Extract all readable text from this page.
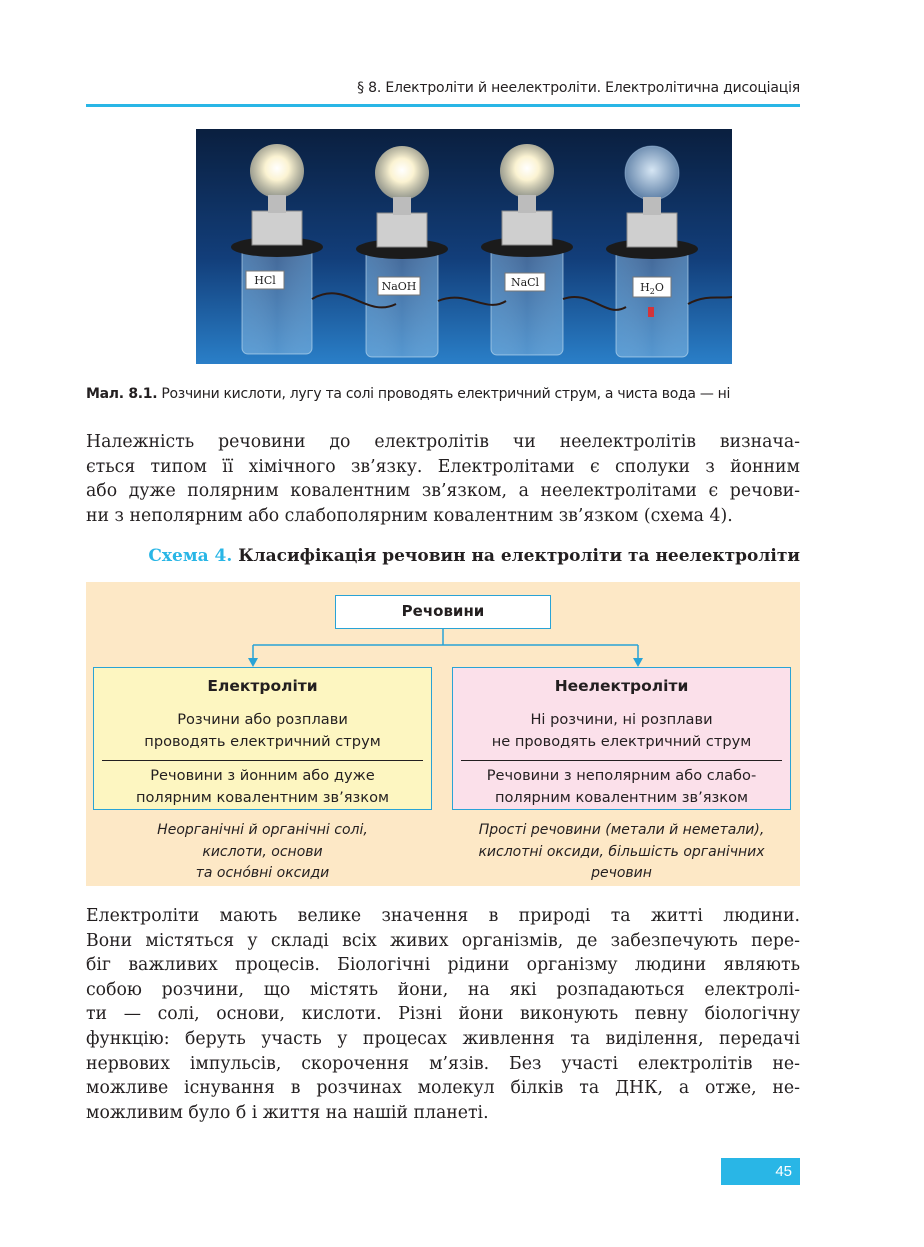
§ 8. Електроліти й неелектроліти. Електролітична дисоціація
HCl	NaOH	NaCl	$H_2O$
Мал. 8.1. Розчини кислоти, лугу та солі проводять електричний струм, а чиста вода — ні
Належність речовини до електролітів чи неелектролітів визнача-
ється типом її хімічного зв’язку. Електролітами є сполуки з йонним
або дуже полярним ковалентним зв’язком, а неелектролітами є речови-
ни з неполярним або слабополярним ковалентним зв’язком (схема 4).
Схема 4. Класифікація речовин на електроліти та неелектроліти
Речовини
Електроліти
Розчини або розплави
проводять електричний струм
Речовини з йонним або дуже
полярним ковалентним зв’язком
Неелектроліти
Ні розчини, ні розплави
не проводять електричний струм
Речовини з неполярним або слабо-
полярним ковалентним зв’язком
Неорганічні й органічні солі,
кислоти, основи
та осно́вні оксиди
Прості речовини (метали й неметали),
кислотні оксиди, більшість органічних
речовин
Електроліти мають велике значення в природі та житті людини.
Вони містяться у складі всіх живих організмів, де забезпечують пере-
біг важливих процесів. Біологічні рідини організму людини являють
собою розчини, що містять йони, на які розпадаються електролі-
ти — солі, основи, кислоти. Різні йони виконують певну біологічну
функцію: беруть участь у процесах живлення та виділення, передачі
нервових імпульсів, скорочення м’язів. Без участі електролітів не-
можливе існування в розчинах молекул білків та ДНК, а отже, не-
можливим було б і життя на нашій планеті.
45
